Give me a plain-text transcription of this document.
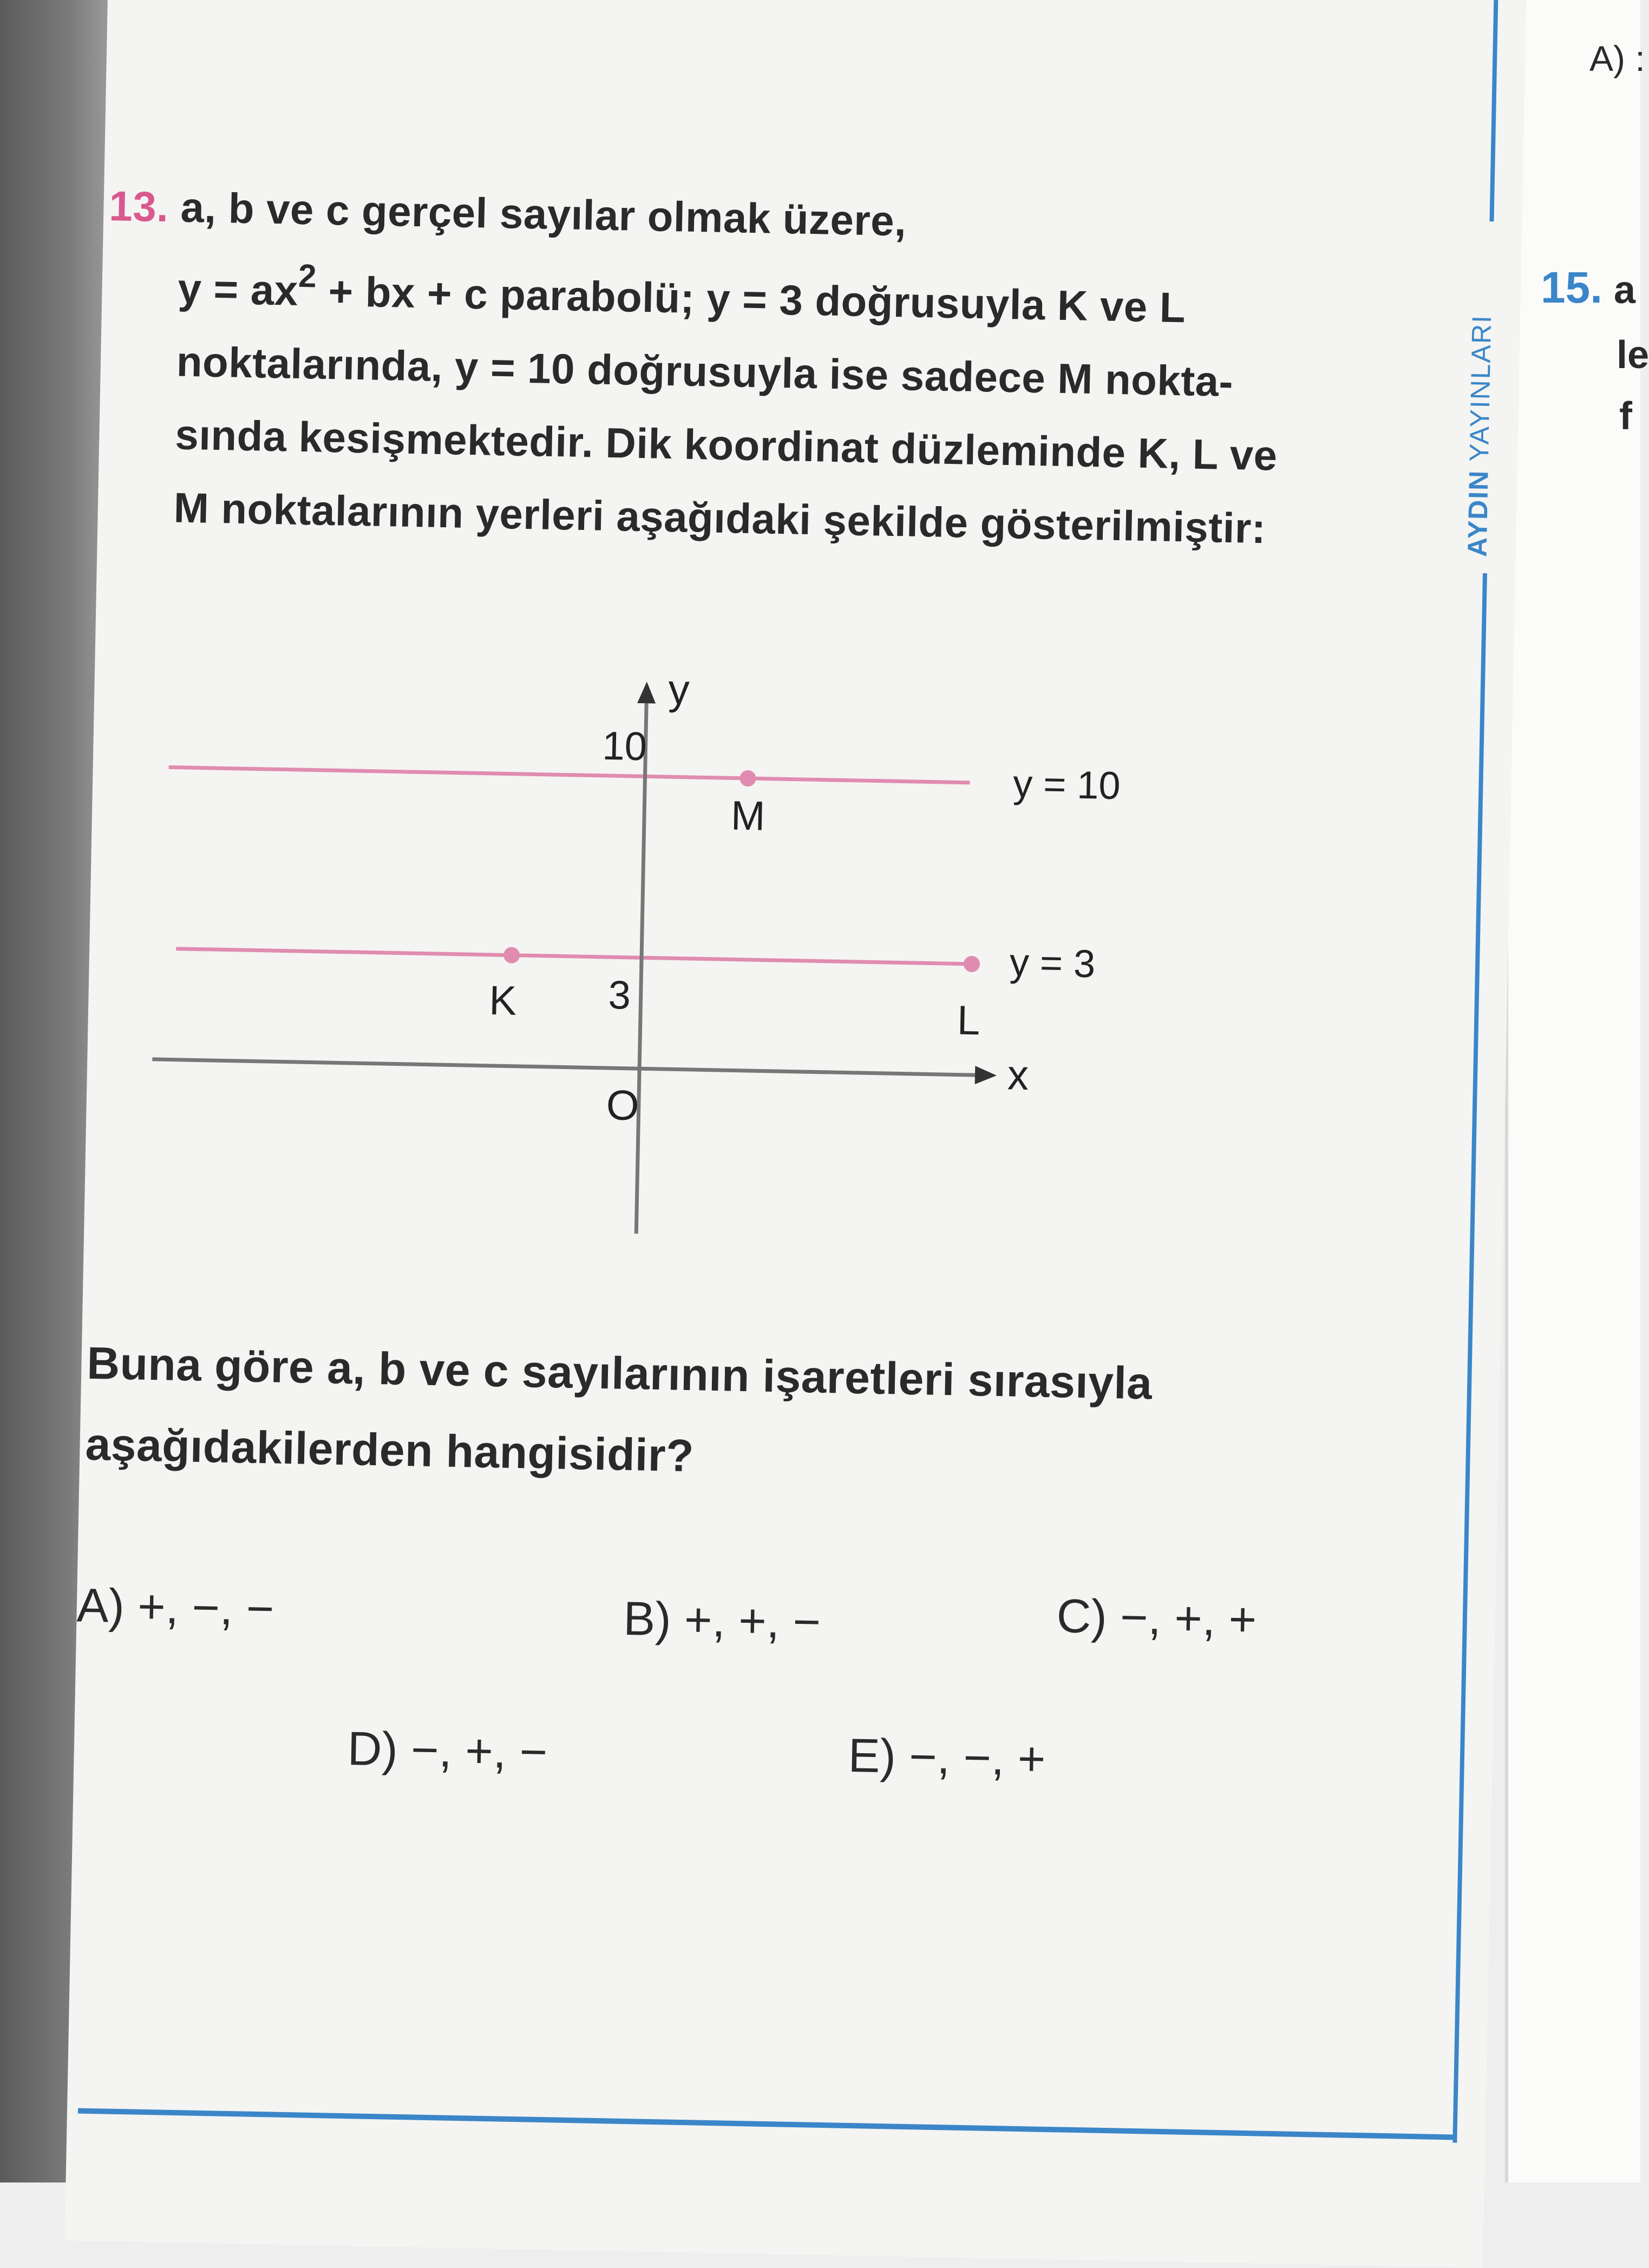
A) :
15. a
le
f
AYDIN YAYINLARI
13. a, b ve c gerçel sayılar olmak üzere,
$y = ax^2$ + bx + c parabolü; y = 3 doğrusuyla K ve L
noktalarında, y = 10 doğrusuyla ise sadece M nokta-
sında kesişmektedir. Dik koordinat düzleminde K, L ve
M noktalarının yerleri aşağıdaki şekilde gösterilmiştir:
y
x
O
10
3
y = 10
y = 3
M
K	L
Buna göre a, b ve c sayılarının işaretleri sırasıyla
aşağıdakilerden hangisidir?
A) +, −, −	B) +, +, −	C) −, +, +
D) −, +, −	E) −, −, +
